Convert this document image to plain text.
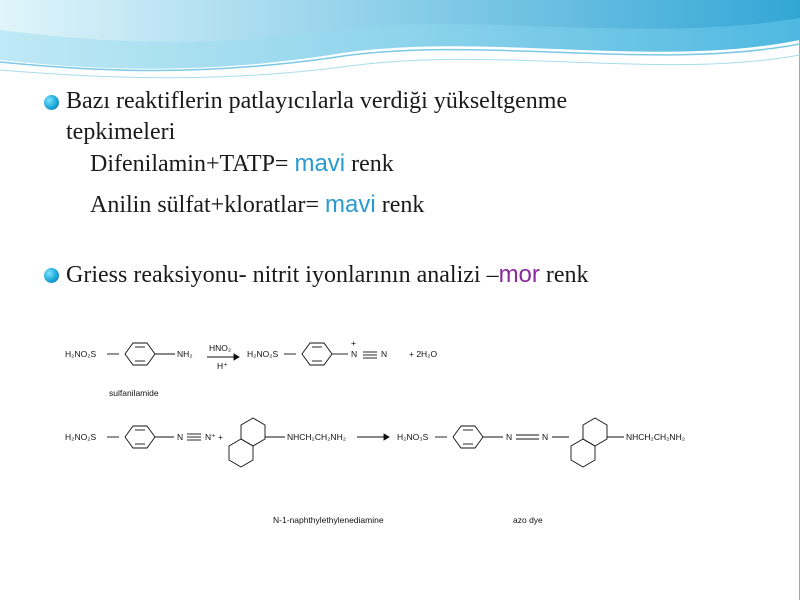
Bazı reaktiflerin patlayıcılarla verdiği yükseltgenme
tepkimeleri
Difenilamin+TATP= mavi renk
Anilin sülfat+kloratlar= mavi renk
Griess reaksiyonu- nitrit iyonlarının analizi –mor renk
H₂NO₂S	NH₂
HNO₂
H⁺
H₂NO₂S
+
N	N	+ 2H₂O
sulfanilamide
H₂NO₂S	N	N⁺ +	NHCH₂CH₂NH₂	H₂NO₃S	N	N	NHCH₂CH₂NH₂
N-1-naphthylethylenediamine	azo dye
